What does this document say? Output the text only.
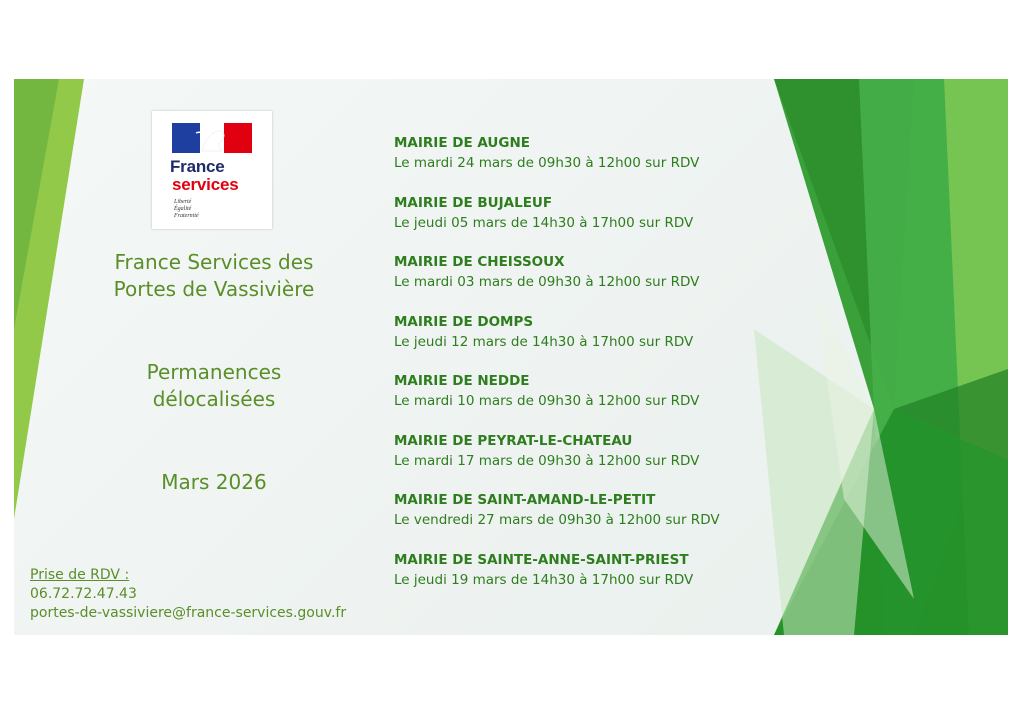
France
services
Liberté
Égalité
Fraternité
France Services des
Portes de Vassivière
Permanences
délocalisées
Mars 2026
Prise de RDV :
06.72.72.47.43
portes-de-vassiviere@france-services.gouv.fr
MAIRIE DE AUGNE
Le mardi 24 mars de 09h30 à 12h00 sur RDV
MAIRIE DE BUJALEUF
Le jeudi 05 mars de 14h30 à 17h00 sur RDV
MAIRIE DE CHEISSOUX
Le mardi 03 mars de 09h30 à 12h00 sur RDV
MAIRIE DE DOMPS
Le jeudi 12 mars de 14h30 à 17h00 sur RDV
MAIRIE DE NEDDE
Le mardi 10 mars de 09h30 à 12h00 sur RDV
MAIRIE DE PEYRAT-LE-CHATEAU
Le mardi 17 mars de 09h30 à 12h00 sur RDV
MAIRIE DE SAINT-AMAND-LE-PETIT
Le vendredi 27 mars de 09h30 à 12h00 sur RDV
MAIRIE DE SAINTE-ANNE-SAINT-PRIEST
Le jeudi 19 mars de 14h30 à 17h00 sur RDV
